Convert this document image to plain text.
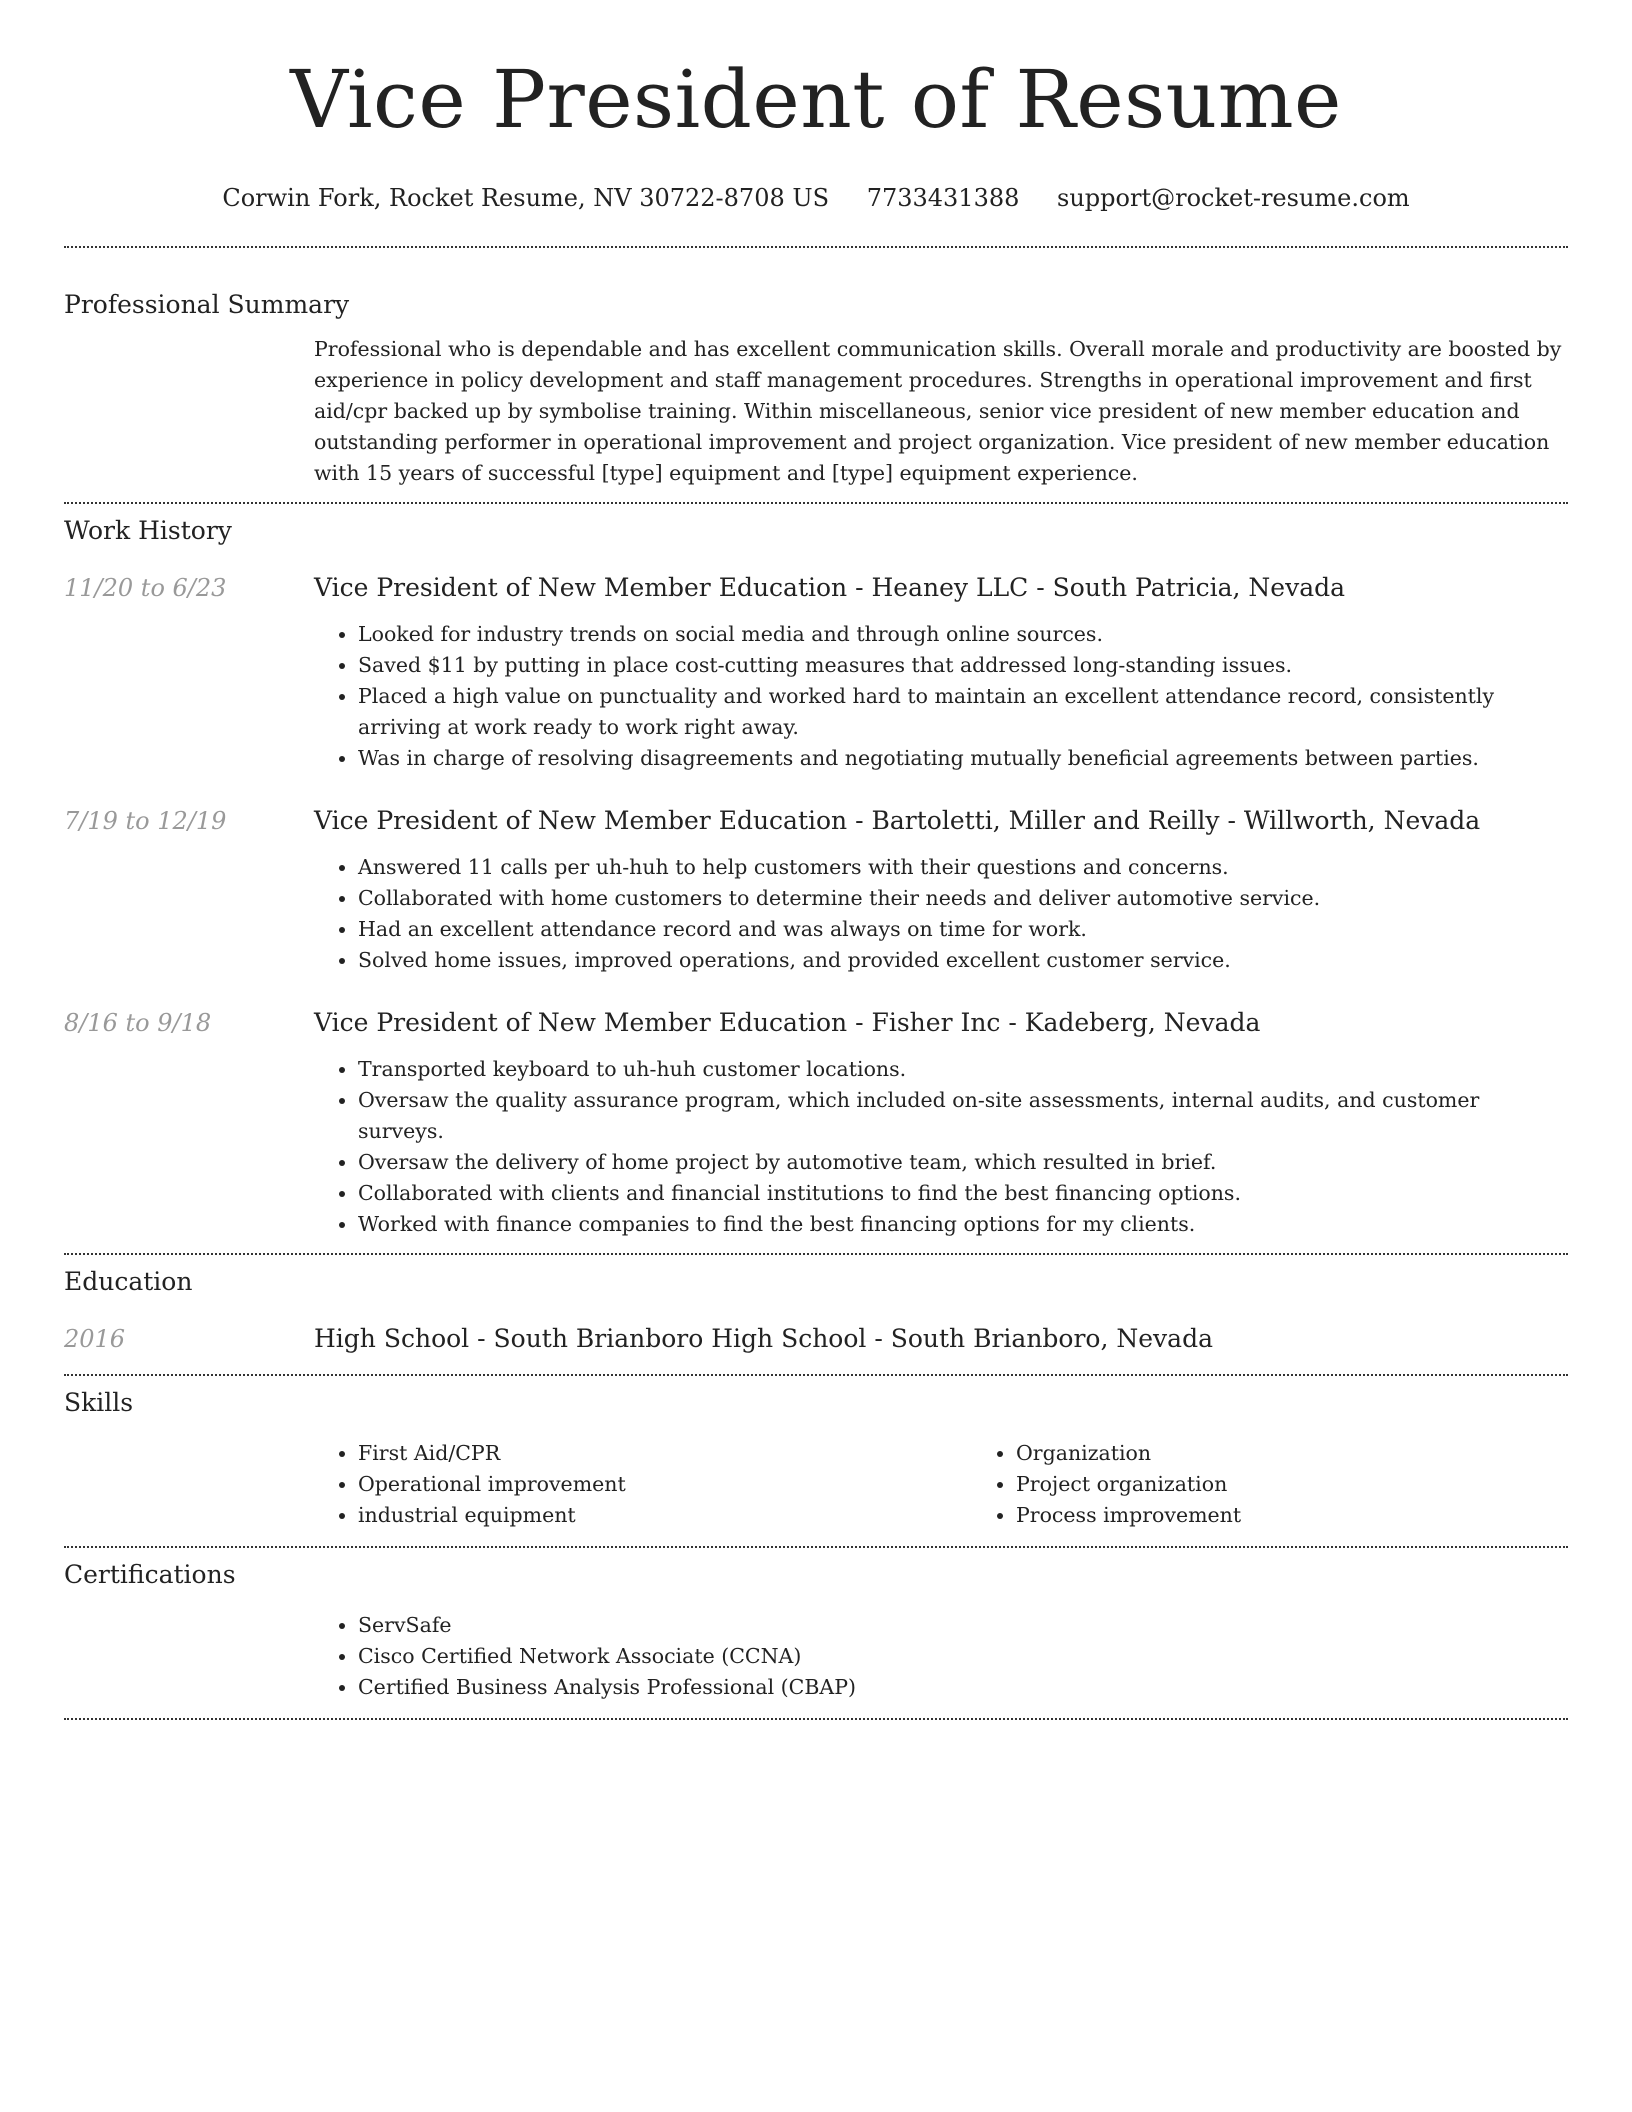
Vice President of Resume
Corwin Fork, Rocket Resume, NV 30722-8708 US 7733431388 support@rocket-resume.com
Professional Summary

Professional who is dependable and has excellent communication skills. Overall morale and productivity are boosted by experience in policy development and staff management procedures. Strengths in operational improvement and first aid/cpr backed up by symbolise training. Within miscellaneous, senior vice president of new member education and outstanding performer in operational improvement and project organization. Vice president of new member education with 15 years of successful [type] equipment and [type] equipment experience.

Work History
11/20 to 6/23	Vice President of New Member Education - Heaney LLC - South Patricia, Nevada
• Looked for industry trends on social media and through online sources.
• Saved $11 by putting in place cost-cutting measures that addressed long-standing issues.
• Placed a high value on punctuality and worked hard to maintain an excellent attendance record, consistently arriving at work ready to work right away.
• Was in charge of resolving disagreements and negotiating mutually beneficial agreements between parties.
7/19 to 12/19	Vice President of New Member Education - Bartoletti, Miller and Reilly - Willworth, Nevada
• Answered 11 calls per uh-huh to help customers with their questions and concerns.
• Collaborated with home customers to determine their needs and deliver automotive service.
• Had an excellent attendance record and was always on time for work.
• Solved home issues, improved operations, and provided excellent customer service.
8/16 to 9/18	Vice President of New Member Education - Fisher Inc - Kadeberg, Nevada
• Transported keyboard to uh-huh customer locations.
• Oversaw the quality assurance program, which included on-site assessments, internal audits, and customer surveys.
• Oversaw the delivery of home project by automotive team, which resulted in brief.
• Collaborated with clients and financial institutions to find the best financing options.
• Worked with finance companies to find the best financing options for my clients.
Education
2016	High School - South Brianboro High School - South Brianboro, Nevada
Skills
• First Aid/CPR
• Operational improvement
• industrial equipment
• Organization
• Project organization
• Process improvement
Certifications
• ServSafe
• Cisco Certified Network Associate (CCNA)
• Certified Business Analysis Professional (CBAP)
